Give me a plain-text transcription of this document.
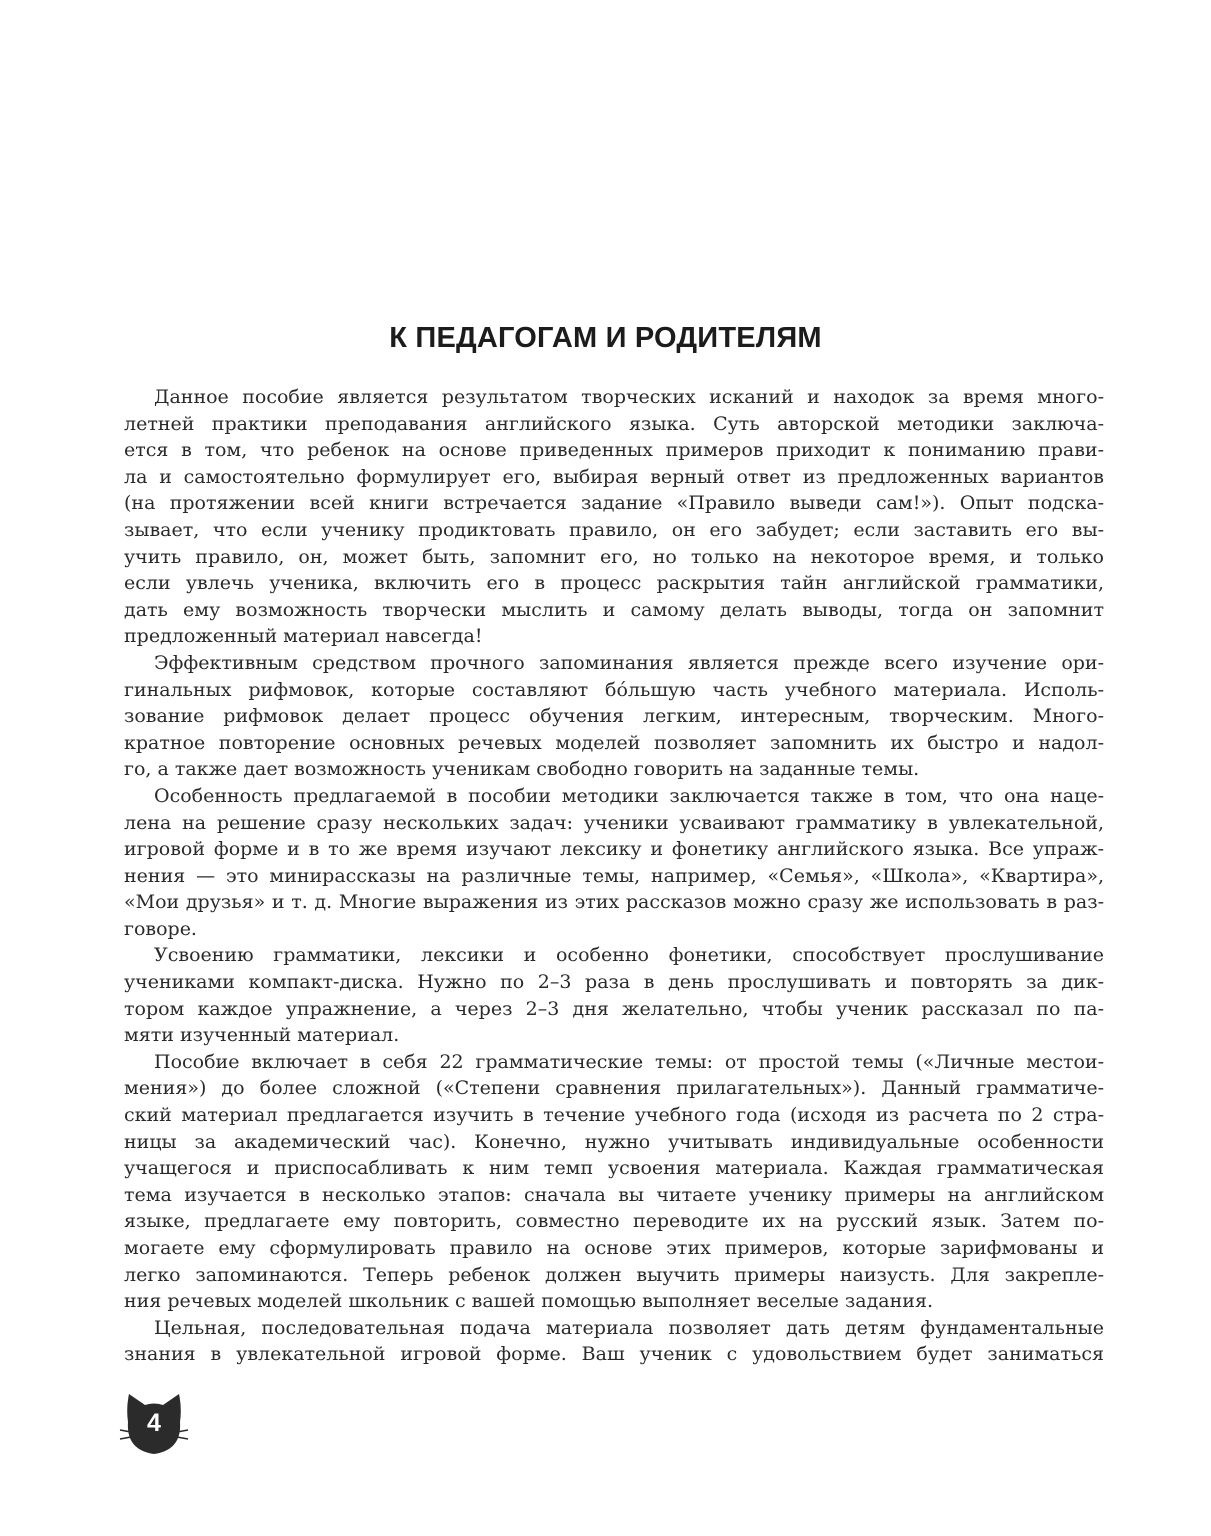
К ПЕДАГОГАМ И РОДИТЕЛЯМ
Данное пособие является результатом творческих исканий и находок за время много-
летней практики преподавания английского языка. Суть авторской методики заключа-
ется в том, что ребенок на основе приведенных примеров приходит к пониманию прави-
ла и самостоятельно формулирует его, выбирая верный ответ из предложенных вариантов
(на протяжении всей книги встречается задание «Правило выведи сам!»). Опыт подска-
зывает, что если ученику продиктовать правило, он его забудет; если заставить его вы-
учить правило, он, может быть, запомнит его, но только на некоторое время, и только
если увлечь ученика, включить его в процесс раскрытия тайн английской грамматики,
дать ему возможность творчески мыслить и самому делать выводы, тогда он запомнит
предложенный материал навсегда!
Эффективным средством прочного запоминания является прежде всего изучение ори-
гинальных рифмовок, которые составляют бо́льшую часть учебного материала. Исполь-
зование рифмовок делает процесс обучения легким, интересным, творческим. Много-
кратное повторение основных речевых моделей позволяет запомнить их быстро и надол-
го, а также дает возможность ученикам свободно говорить на заданные темы.
Особенность предлагаемой в пособии методики заключается также в том, что она наце-
лена на решение сразу нескольких задач: ученики усваивают грамматику в увлекательной,
игровой форме и в то же время изучают лексику и фонетику английского языка. Все упраж-
нения — это минирассказы на различные темы, например, «Семья», «Школа», «Квартира»,
«Мои друзья» и т. д. Многие выражения из этих рассказов можно сразу же использовать в раз-
говоре.
Усвоению грамматики, лексики и особенно фонетики, способствует прослушивание
учениками компакт-диска. Нужно по 2–3 раза в день прослушивать и повторять за дик-
тором каждое упражнение, а через 2–3 дня желательно, чтобы ученик рассказал по па-
мяти изученный материал.
Пособие включает в себя 22 грамматические темы: от простой темы («Личные местои-
мения») до более сложной («Степени сравнения прилагательных»). Данный грамматиче-
ский материал предлагается изучить в течение учебного года (исходя из расчета по 2 стра-
ницы за академический час). Конечно, нужно учитывать индивидуальные особенности
учащегося и приспосабливать к ним темп усвоения материала. Каждая грамматическая
тема изучается в несколько этапов: сначала вы читаете ученику примеры на английском
языке, предлагаете ему повторить, совместно переводите их на русский язык. Затем по-
могаете ему сформулировать правило на основе этих примеров, которые зарифмованы и
легко запоминаются. Теперь ребенок должен выучить примеры наизусть. Для закрепле-
ния речевых моделей школьник с вашей помощью выполняет веселые задания.
Цельная, последовательная подача материала позволяет дать детям фундаментальные
знания в увлекательной игровой форме. Ваш ученик с удовольствием будет заниматься
4
